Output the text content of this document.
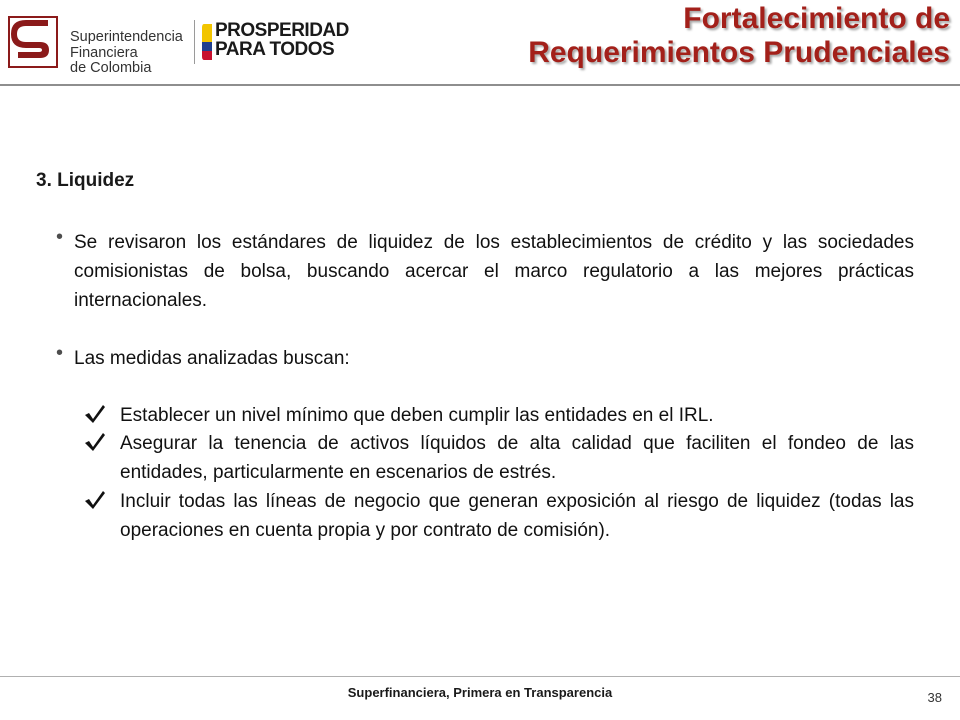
Superintendencia
Financiera
de Colombia
PROSPERIDAD
PARA TODOS
Fortalecimiento de
Requerimientos Prudenciales
3. Liquidez
• Se revisaron los estándares de liquidez de los establecimientos de crédito y las sociedades comisionistas de bolsa, buscando acercar el marco regulatorio a las mejores prácticas internacionales.
• Las medidas analizadas buscan:
Establecer un nivel mínimo que deben cumplir las entidades en el IRL.
Asegurar la tenencia de activos líquidos de alta calidad que faciliten el fondeo de las entidades, particularmente en escenarios de estrés.
Incluir todas las líneas de negocio que generan exposición al riesgo de liquidez (todas las operaciones en cuenta propia y por contrato de comisión).
Superfinanciera, Primera en Transparencia	38
